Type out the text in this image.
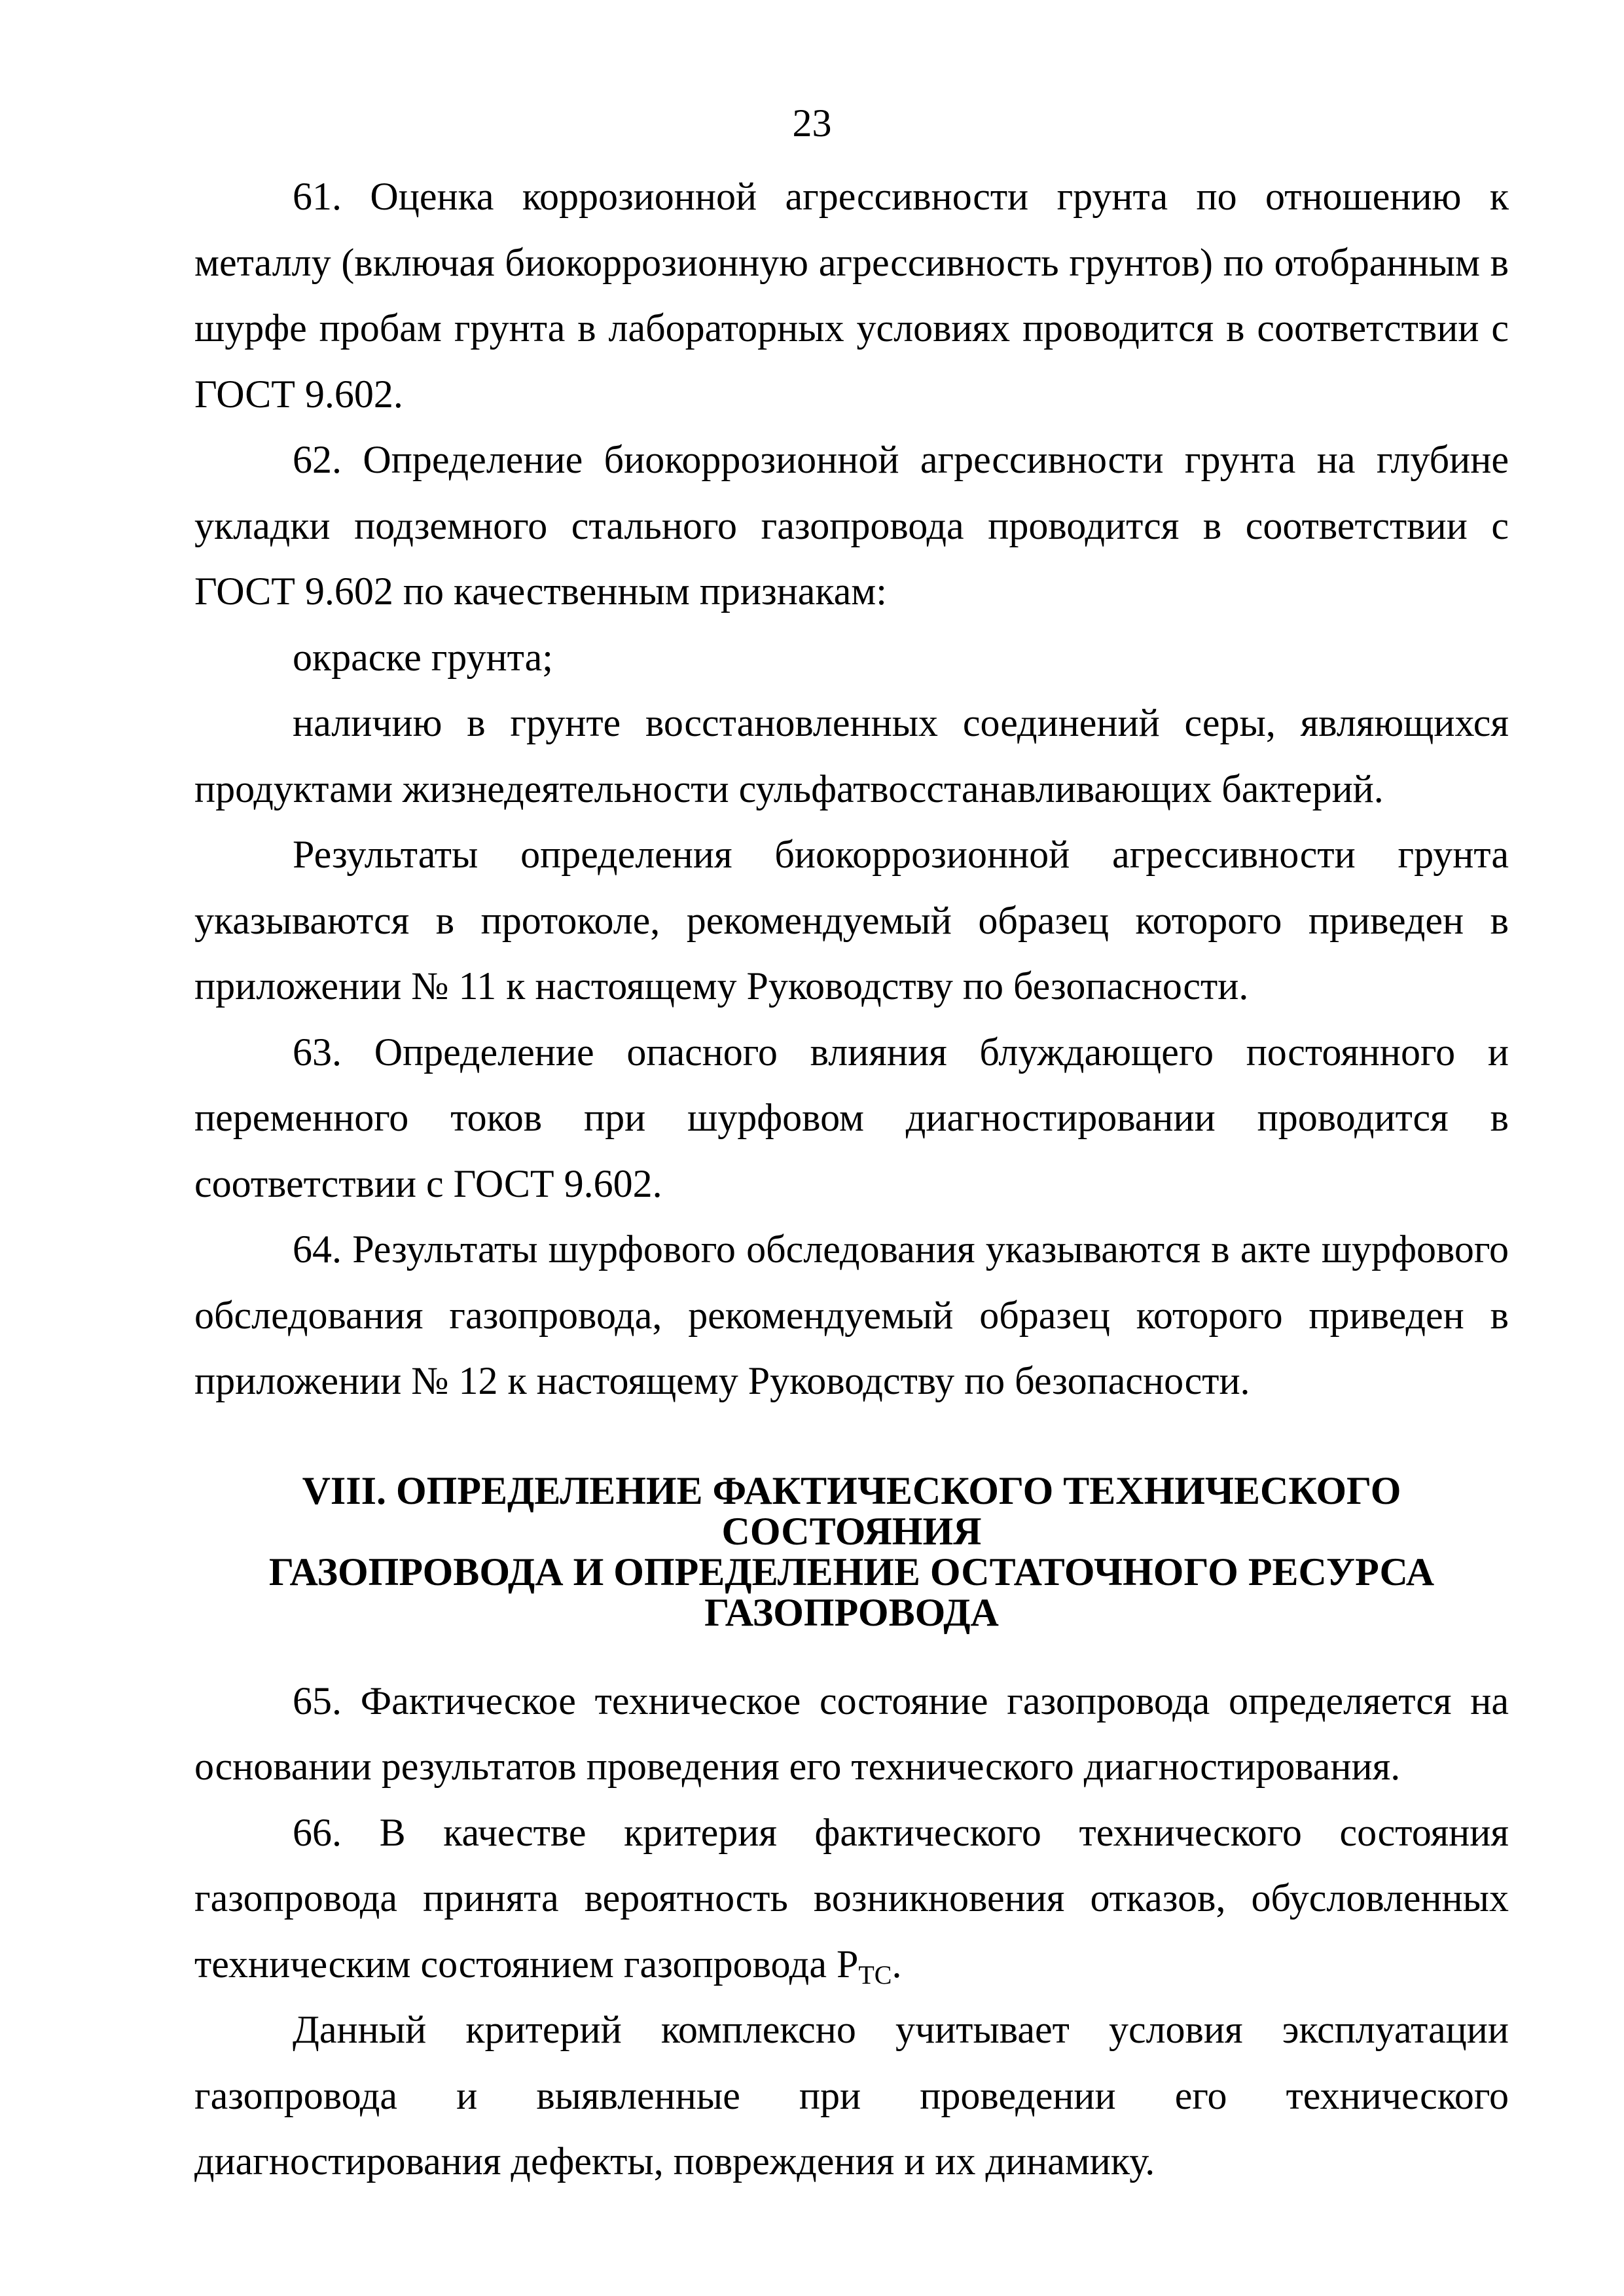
23

61. Оценка коррозионной агрессивности грунта по отношению к металлу (включая биокоррозионную агрессивность грунтов) по отобранным в шурфе пробам грунта в лабораторных условиях проводится в соответствии с ГОСТ 9.602.

62. Определение биокоррозионной агрессивности грунта на глубине укладки подземного стального газопровода проводится в соответствии с ГОСТ 9.602 по качественным признакам:

окраске грунта;

наличию в грунте восстановленных соединений серы, являющихся продуктами жизнедеятельности сульфатвосстанавливающих бактерий.

Результаты определения биокоррозионной агрессивности грунта указываются в протоколе, рекомендуемый образец которого приведен в приложении № 11 к настоящему Руководству по безопасности.

63. Определение опасного влияния блуждающего постоянного и переменного токов при шурфовом диагностировании проводится в соответствии с ГОСТ 9.602.

64. Результаты шурфового обследования указываются в акте шурфового обследования газопровода, рекомендуемый образец которого приведен в приложении № 12 к настоящему Руководству по безопасности.

VIII. ОПРЕДЕЛЕНИЕ ФАКТИЧЕСКОГО ТЕХНИЧЕСКОГО СОСТОЯНИЯ
ГАЗОПРОВОДА И ОПРЕДЕЛЕНИЕ ОСТАТОЧНОГО РЕСУРСА
ГАЗОПРОВОДА

65. Фактическое техническое состояние газопровода определяется на основании результатов проведения его технического диагностирования.

66. В качестве критерия фактического технического состояния газопровода принята вероятность возникновения отказов, обусловленных техническим состоянием газопровода $P_{TC}$.

Данный критерий комплексно учитывает условия эксплуатации газопровода и выявленные при проведении его технического диагностирования дефекты, повреждения и их динамику.
